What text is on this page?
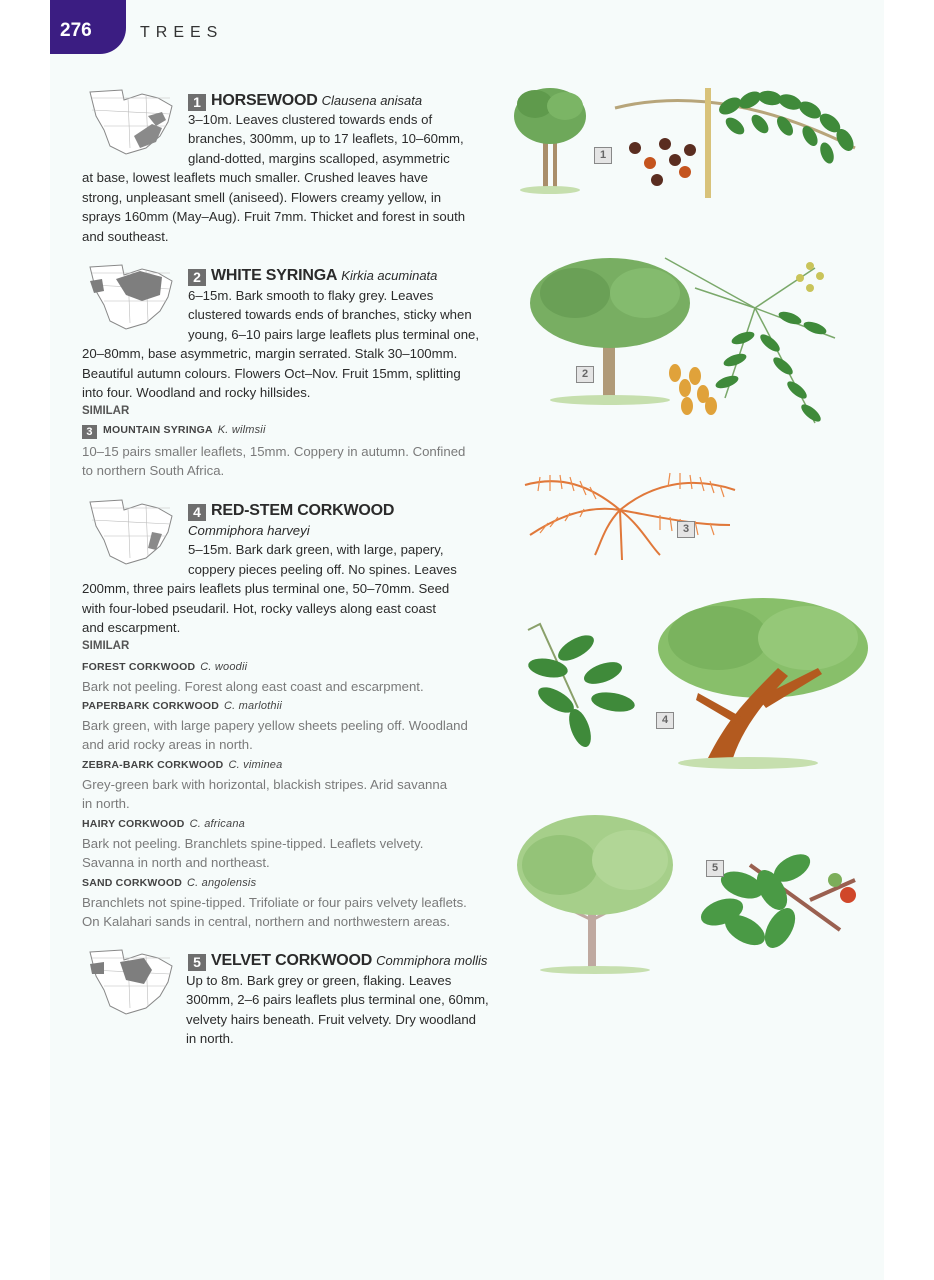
276	TREES
1 HORSEWOOD Clausena anisata
3–10m. Leaves clustered towards ends of
branches, 300mm, up to 17 leaflets, 10–60mm,
gland-dotted, margins scalloped, asymmetric
at base, lowest leaflets much smaller. Crushed leaves have
strong, unpleasant smell (aniseed). Flowers creamy yellow, in
sprays 160mm (May–Aug). Fruit 7mm. Thicket and forest in south
and southeast.
2 WHITE SYRINGA Kirkia acuminata
6–15m. Bark smooth to flaky grey. Leaves
clustered towards ends of branches, sticky when
young, 6–10 pairs large leaflets plus terminal one,
20–80mm, base asymmetric, margin serrated. Stalk 30–100mm.
Beautiful autumn colours. Flowers Oct–Nov. Fruit 15mm, splitting
into four. Woodland and rocky hillsides.
SIMILAR
3 MOUNTAIN SYRINGA K. wilmsii
10–15 pairs smaller leaflets, 15mm. Coppery in autumn. Confined
to northern South Africa.
4 RED-STEM CORKWOOD
Commiphora harveyi
5–15m. Bark dark green, with large, papery,
coppery pieces peeling off. No spines. Leaves
200mm, three pairs leaflets plus terminal one, 50–70mm. Seed
with four-lobed pseudaril. Hot, rocky valleys along east coast
and escarpment.
SIMILAR
FOREST CORKWOOD C. woodii
Bark not peeling. Forest along east coast and escarpment.
PAPERBARK CORKWOOD C. marlothii
Bark green, with large papery yellow sheets peeling off. Woodland
and arid rocky areas in north.
ZEBRA-BARK CORKWOOD C. viminea
Grey-green bark with horizontal, blackish stripes. Arid savanna
in north.
HAIRY CORKWOOD C. africana
Bark not peeling. Branchlets spine-tipped. Leaflets velvety.
Savanna in north and northeast.
SAND CORKWOOD C. angolensis
Branchlets not spine-tipped. Trifoliate or four pairs velvety leaflets.
On Kalahari sands in central, northern and northwestern areas.
5 VELVET CORKWOOD Commiphora mollis
Up to 8m. Bark grey or green, flaking. Leaves
300mm, 2–6 pairs leaflets plus terminal one, 60mm,
velvety hairs beneath. Fruit velvety. Dry woodland
in north.
1
2
3
4
5
